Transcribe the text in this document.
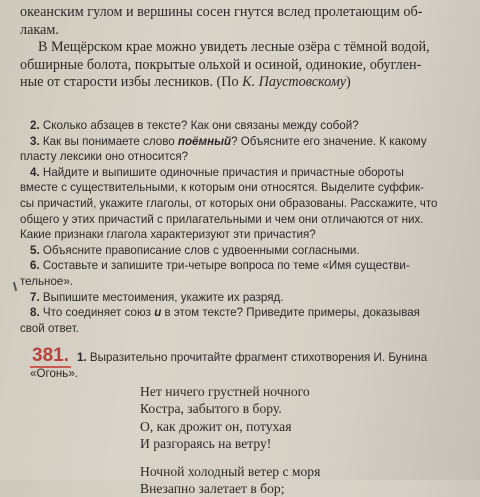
океанским гулом и вершины сосен гнутся вслед пролетающим об-
лакам.
В Мещёрском крае можно увидеть лесные озёра с тёмной водой,
обширные болота, покрытые ольхой и осиной, одинокие, обуглен-
ные от старости избы лесников. (По К. Паустовскому)
2. Сколько абзацев в тексте? Как они связаны между собой?
3. Как вы понимаете слово поёмный? Объясните его значение. К какому
пласту лексики оно относится?
4. Найдите и выпишите одиночные причастия и причастные обороты
вместе с существительными, к которым они относятся. Выделите суффик-
сы причастий, укажите глаголы, от которых они образованы. Расскажите, что
общего у этих причастий с прилагательными и чем они отличаются от них.
Какие признаки глагола характеризуют эти причастия?
5. Объясните правописание слов с удвоенными согласными.
6. Составьте и запишите три-четыре вопроса по теме «Имя существи-
тельное».
7. Выпишите местоимения, укажите их разряд.
8. Что соединяет союз и в этом тексте? Приведите примеры, доказывая
свой ответ.
381. 1. Выразительно прочитайте фрагмент стихотворения И. Бунина
«Огонь».
Нет ничего грустней ночного
Костра, забытого в бору.
О, как дрожит он, потухая
И разгораясь на ветру!
Ночной холодный ветер с моря
Внезапно залетает в бор;
